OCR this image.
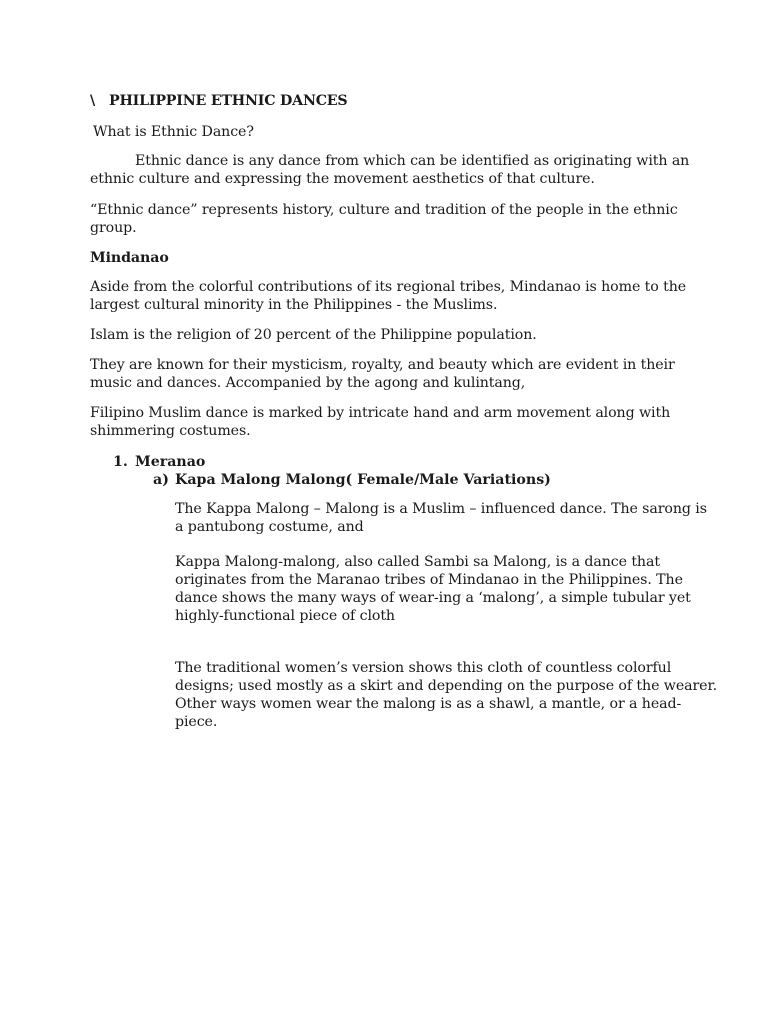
\ PHILIPPINE ETHNIC DANCES
What is Ethnic Dance?
Ethnic dance is any dance from which can be identified as originating with an
ethnic culture and expressing the movement aesthetics of that culture.
“Ethnic dance” represents history, culture and tradition of the people in the ethnic
group.
Mindanao
Aside from the colorful contributions of its regional tribes, Mindanao is home to the
largest cultural minority in the Philippines - the Muslims.
Islam is the religion of 20 percent of the Philippine population.
They are known for their mysticism, royalty, and beauty which are evident in their
music and dances. Accompanied by the agong and kulintang,
Filipino Muslim dance is marked by intricate hand and arm movement along with
shimmering costumes.
1. Meranao
a) Kapa Malong Malong( Female/Male Variations)
The Kappa Malong – Malong is a Muslim – influenced dance. The sarong is
a pantubong costume, and
Kappa Malong-malong, also called Sambi sa Malong, is a dance that
originates from the Maranao tribes of Mindanao in the Philippines. The
dance shows the many ways of wear-ing a ‘malong’, a simple tubular yet
highly-functional piece of cloth
The traditional women’s version shows this cloth of countless colorful
designs; used mostly as a skirt and depending on the purpose of the wearer.
Other ways women wear the malong is as a shawl, a mantle, or a head-
piece.
